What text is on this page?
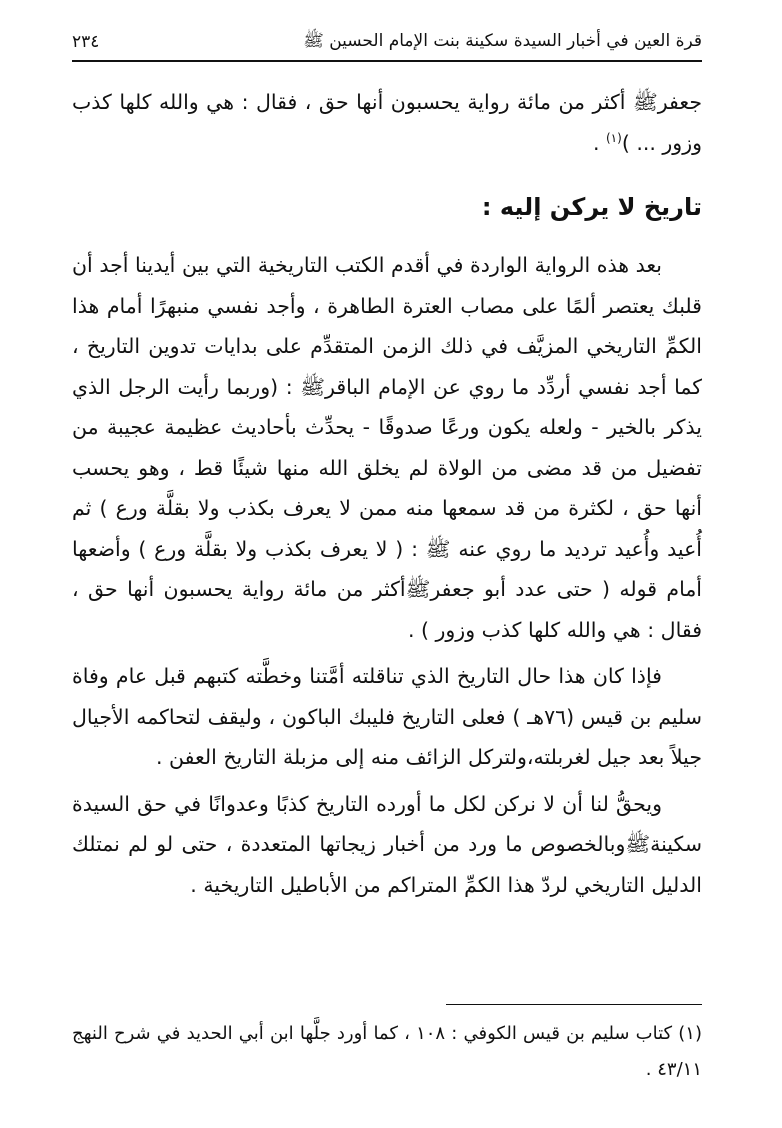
قرة العين في أخبار السيدة سكينة بنت الإمام الحسين ﷺ
٢٣٤

جعفرﷺ أكثر من مائة رواية يحسبون أنها حق ، فقال : هي والله كلها كذب وزور ... )$^{(١)}$ .

تاريخ لا يركن إليه :

بعد هذه الرواية الواردة في أقدم الكتب التاريخية التي بين أيدينا أجد أن قلبك يعتصر ألمًا على مصاب العترة الطاهرة ، وأجد نفسي منبهرًا أمام هذا الكمِّ التاريخي المزيَّف في ذلك الزمن المتقدِّم على بدايات تدوين التاريخ ، كما أجد نفسي أردِّد ما روي عن الإمام الباقرﷺ : (وربما رأيت الرجل الذي يذكر بالخير - ولعله يكون ورعًا صدوقًا - يحدِّث بأحاديث عظيمة عجيبة من تفضيل من قد مضى من الولاة لم يخلق الله منها شيئًا قط ، وهو يحسب أنها حق ، لكثرة من قد سمعها منه ممن لا يعرف بكذب ولا بقلَّة ورع ) ثم أُعيد وأُعيد ترديد ما روي عنه ﷺ : ( لا يعرف بكذب ولا بقلَّة ورع ) وأضعها أمام قوله ( حتى عدد أبو جعفرﷺأكثر من مائة رواية يحسبون أنها حق ، فقال : هي والله كلها كذب وزور ) .

فإذا كان هذا حال التاريخ الذي تناقلته أمَّتنا وخطَّته كتبهم قبل عام وفاة سليم بن قيس (٧٦هـ ) فعلى التاريخ فليبك الباكون ، وليقف لتحاكمه الأجيال جيلاً بعد جيل لغربلته،ولترکل الزائف منه إلى مزبلة التاريخ العفن .

ويحقُّ لنا أن لا نركن لكل ما أورده التاريخ كذبًا وعدوانًا في حق السيدة سكينةﷺوبالخصوص ما ورد من أخبار زيجاتها المتعددة ، حتى لو لم نمتلك الدليل التاريخي لردّ هذا الكمِّ المتراكم من الأباطيل التاريخية .

(١) كتاب سليم بن قيس الكوفي : ١٠٨ ، كما أورد جلَّها ابن أبي الحديد في شرح النهج ٤٣/١١ .
